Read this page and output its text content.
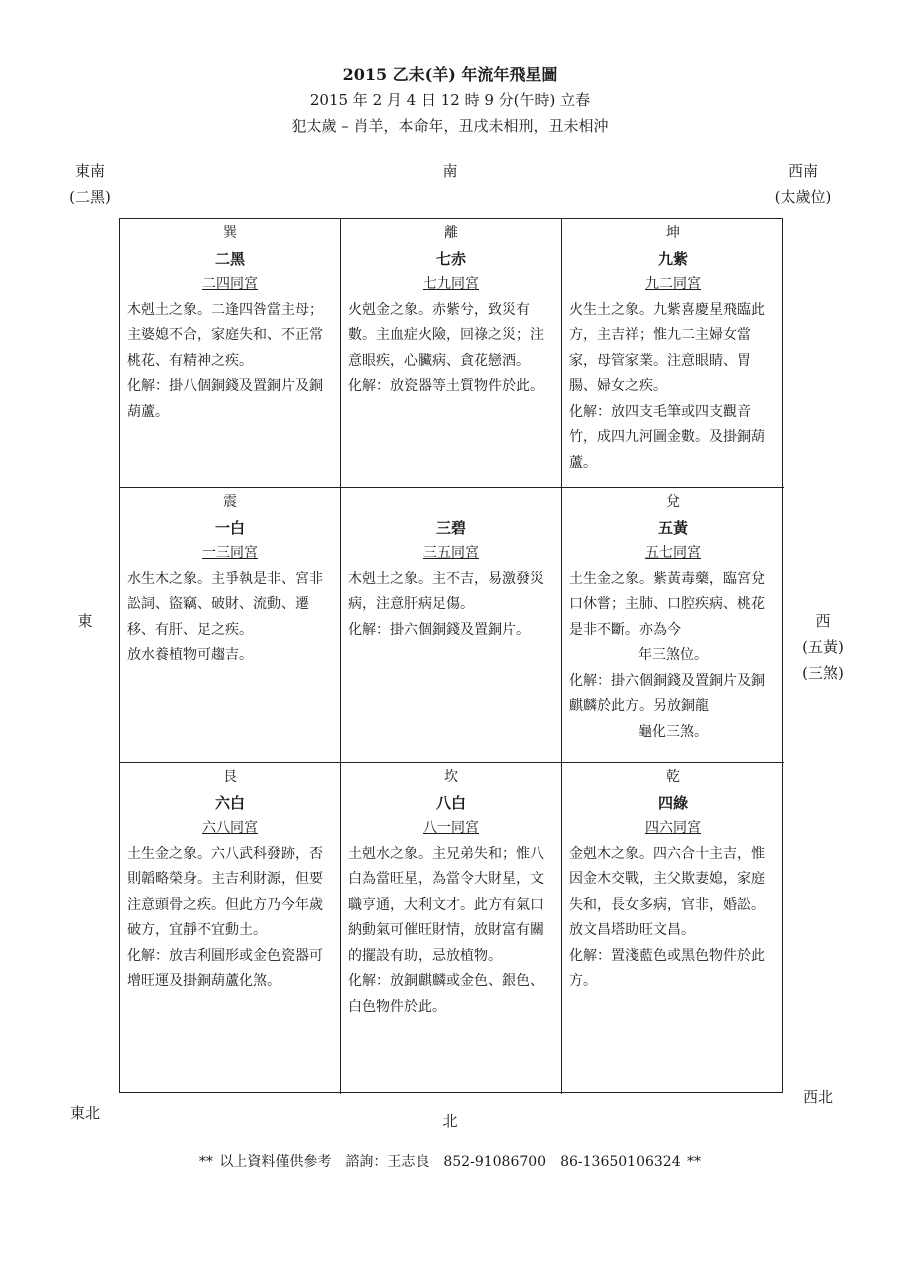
2015 乙未(羊) 年流年飛星圖
2015 年 2 月 4 日 12 時 9 分(午時) 立春
犯太歲 – 肖羊，本命年，丑戌未相刑，丑未相沖
東南
(二黑)
南	西南
(太歲位)
東	西
(五黃)
(三煞)
東北	北
西北
巽
二黑
二四同宮

木剋土之象。二逢四咎當主母；主婆媳不合，家庭失和、不正常桃花、有精神之疾。

化解：掛八個銅錢及置銅片及銅葫蘆。

離
七赤
七九同宮

火剋金之象。赤紫兮，致災有數。主血症火險，回祿之災；注意眼疾，心臟病、貪花戀酒。

化解：放瓷器等土質物件於此。

坤
九紫
九二同宮

火生土之象。九紫喜慶星飛臨此方，主吉祥；惟九二主婦女當家，母管家業。注意眼睛、胃腸、婦女之疾。

化解：放四支毛筆或四支觀音竹，成四九河圖金數。及掛銅葫蘆。

震
一白
一三同宮

水生木之象。主爭執是非、宮非訟詞、盜竊、破財、流動、遷移、有肝、足之疾。

放水養植物可趨吉。

三碧
三五同宮

木剋土之象。主不吉，易激發災病，注意肝病足傷。

化解：掛六個銅錢及置銅片。

兌
五黃
五七同宮

土生金之象。紫黃毒藥，臨宮兌口休嘗；主肺、口腔疾病、桃花是非不斷。亦為今

年三煞位。

化解：掛六個銅錢及置銅片及銅麒麟於此方。另放銅龍

龜化三煞。

艮
六白
六八同宮

土生金之象。六八武科發跡，否則韜略榮身。主吉利財源，但要注意頭骨之疾。但此方乃今年歲破方，宜靜不宜動土。

化解：放吉利圓形或金色瓷器可增旺運及掛銅葫蘆化煞。

坎
八白
八一同宮

土剋水之象。主兄弟失和；惟八白為當旺星，為當令大財星，文職亨通，大利文才。此方有氣口納動氣可催旺財情，放財富有關的擺設有助，忌放植物。

化解：放銅麒麟或金色、銀色、白色物件於此。

乾
四綠
四六同宮

金剋木之象。四六合十主吉，惟因金木交戰，主父欺妻媳，家庭失和，長女多病，官非，婚訟。放文昌塔助旺文昌。

化解：置淺藍色或黑色物件於此方。

** 以上資料僅供參考　諮詢：王志良　852-91086700　86-13650106324 **
